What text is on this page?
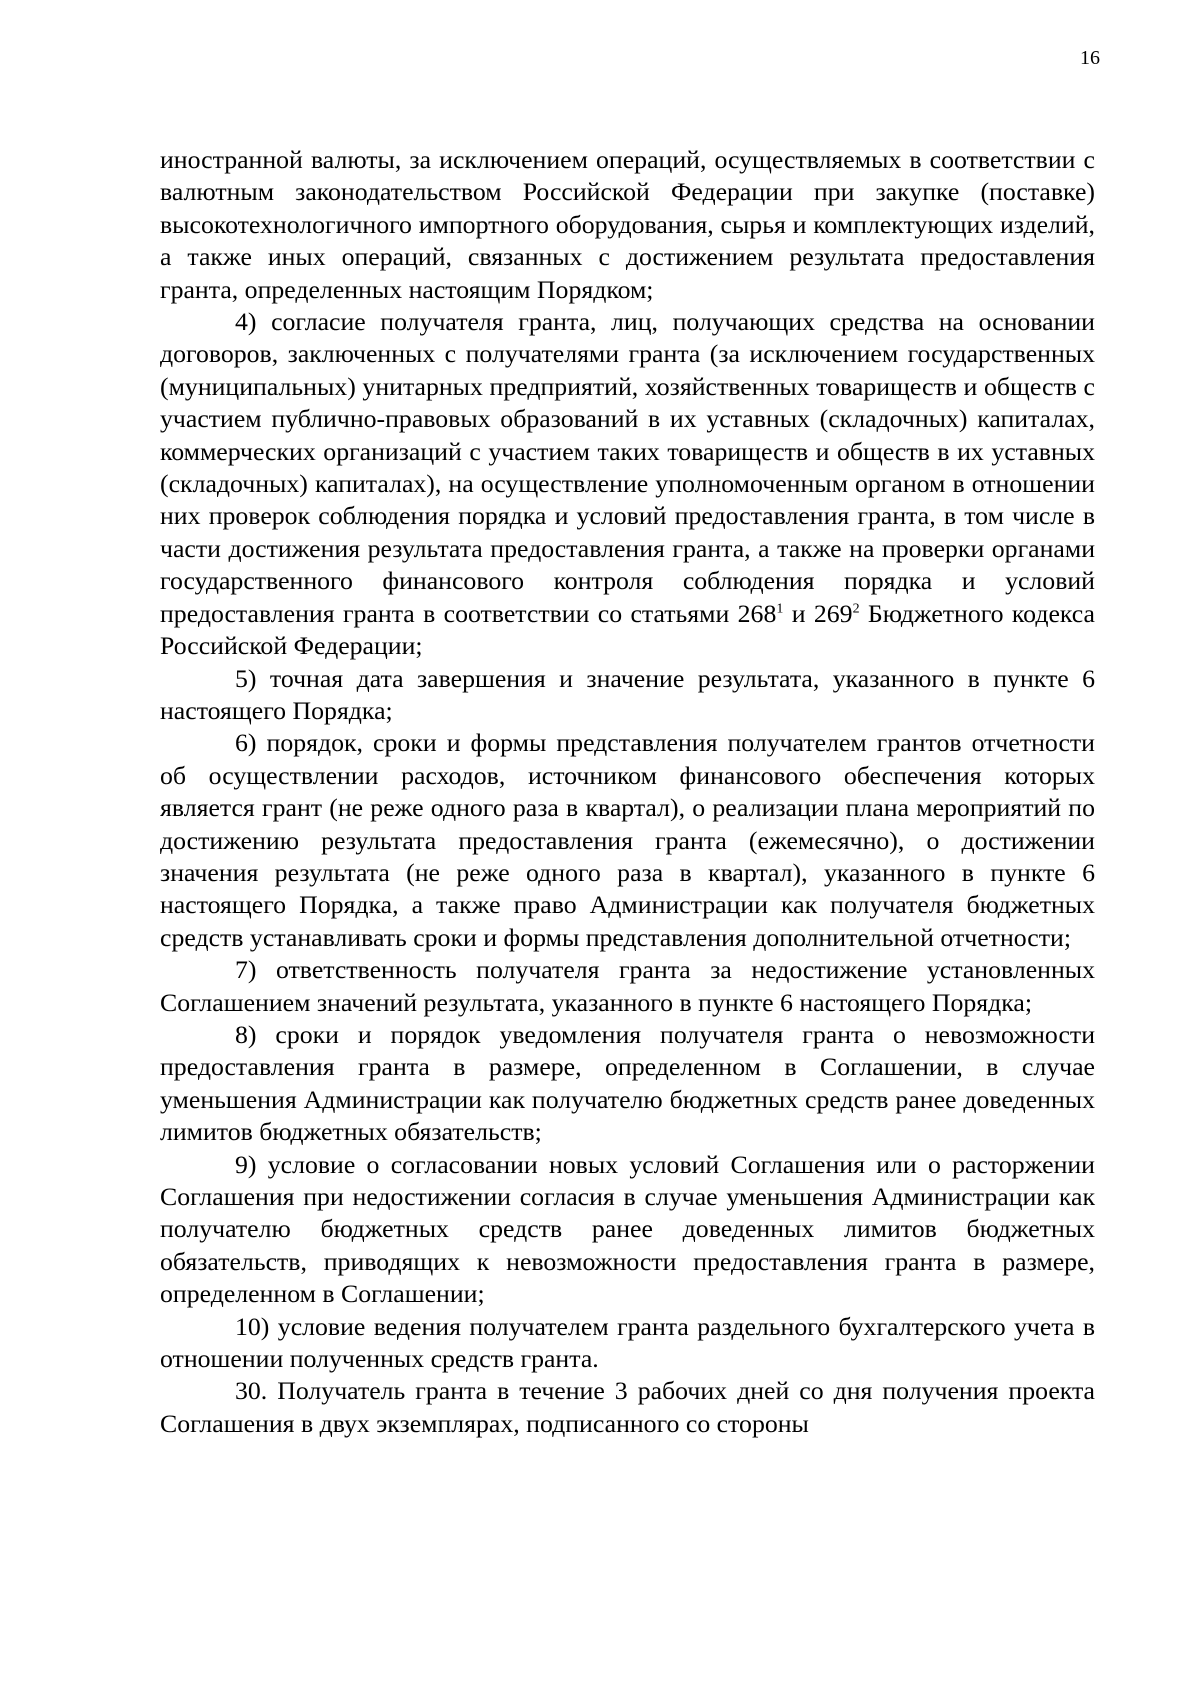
16

иностранной валюты, за исключением операций, осуществляемых в соответствии с валютным законодательством Российской Федерации при закупке (поставке) высокотехнологичного импортного оборудования, сырья и комплектующих изделий, а также иных операций, связанных с достижением результата предоставления гранта, определенных настоящим Порядком;

4) согласие получателя гранта, лиц, получающих средства на основании договоров, заключенных с получателями гранта (за исключением государственных (муниципальных) унитарных предприятий, хозяйственных товариществ и обществ с участием публично-правовых образований в их уставных (складочных) капиталах, коммерческих организаций с участием таких товариществ и обществ в их уставных (складочных) капиталах), на осуществление уполномоченным органом в отношении них проверок соблюдения порядка и условий предоставления гранта, в том числе в части достижения результата предоставления гранта, а также на проверки органами государственного финансового контроля соблюдения порядка и условий предоставления гранта в соответствии со статьями $268^1$ и $269^2$ Бюджетного кодекса Российской Федерации;

5) точная дата завершения и значение результата, указанного в пункте 6 настоящего Порядка;

6) порядок, сроки и формы представления получателем грантов отчетности об осуществлении расходов, источником финансового обеспечения которых является грант (не реже одного раза в квартал), о реализации плана мероприятий по достижению результата предоставления гранта (ежемесячно), о достижении значения результата (не реже одного раза в квартал), указанного в пункте 6 настоящего Порядка, а также право Администрации как получателя бюджетных средств устанавливать сроки и формы представления дополнительной отчетности;

7) ответственность получателя гранта за недостижение установленных Соглашением значений результата, указанного в пункте 6 настоящего Порядка;

8) сроки и порядок уведомления получателя гранта о невозможности предоставления гранта в размере, определенном в Соглашении, в случае уменьшения Администрации как получателю бюджетных средств ранее доведенных лимитов бюджетных обязательств;

9) условие о согласовании новых условий Соглашения или о расторжении Соглашения при недостижении согласия в случае уменьшения Администрации как получателю бюджетных средств ранее доведенных лимитов бюджетных обязательств, приводящих к невозможности предоставления гранта в размере, определенном в Соглашении;

10) условие ведения получателем гранта раздельного бухгалтерского учета в отношении полученных средств гранта.

30. Получатель гранта в течение 3 рабочих дней со дня получения проекта Соглашения в двух экземплярах, подписанного со стороны
